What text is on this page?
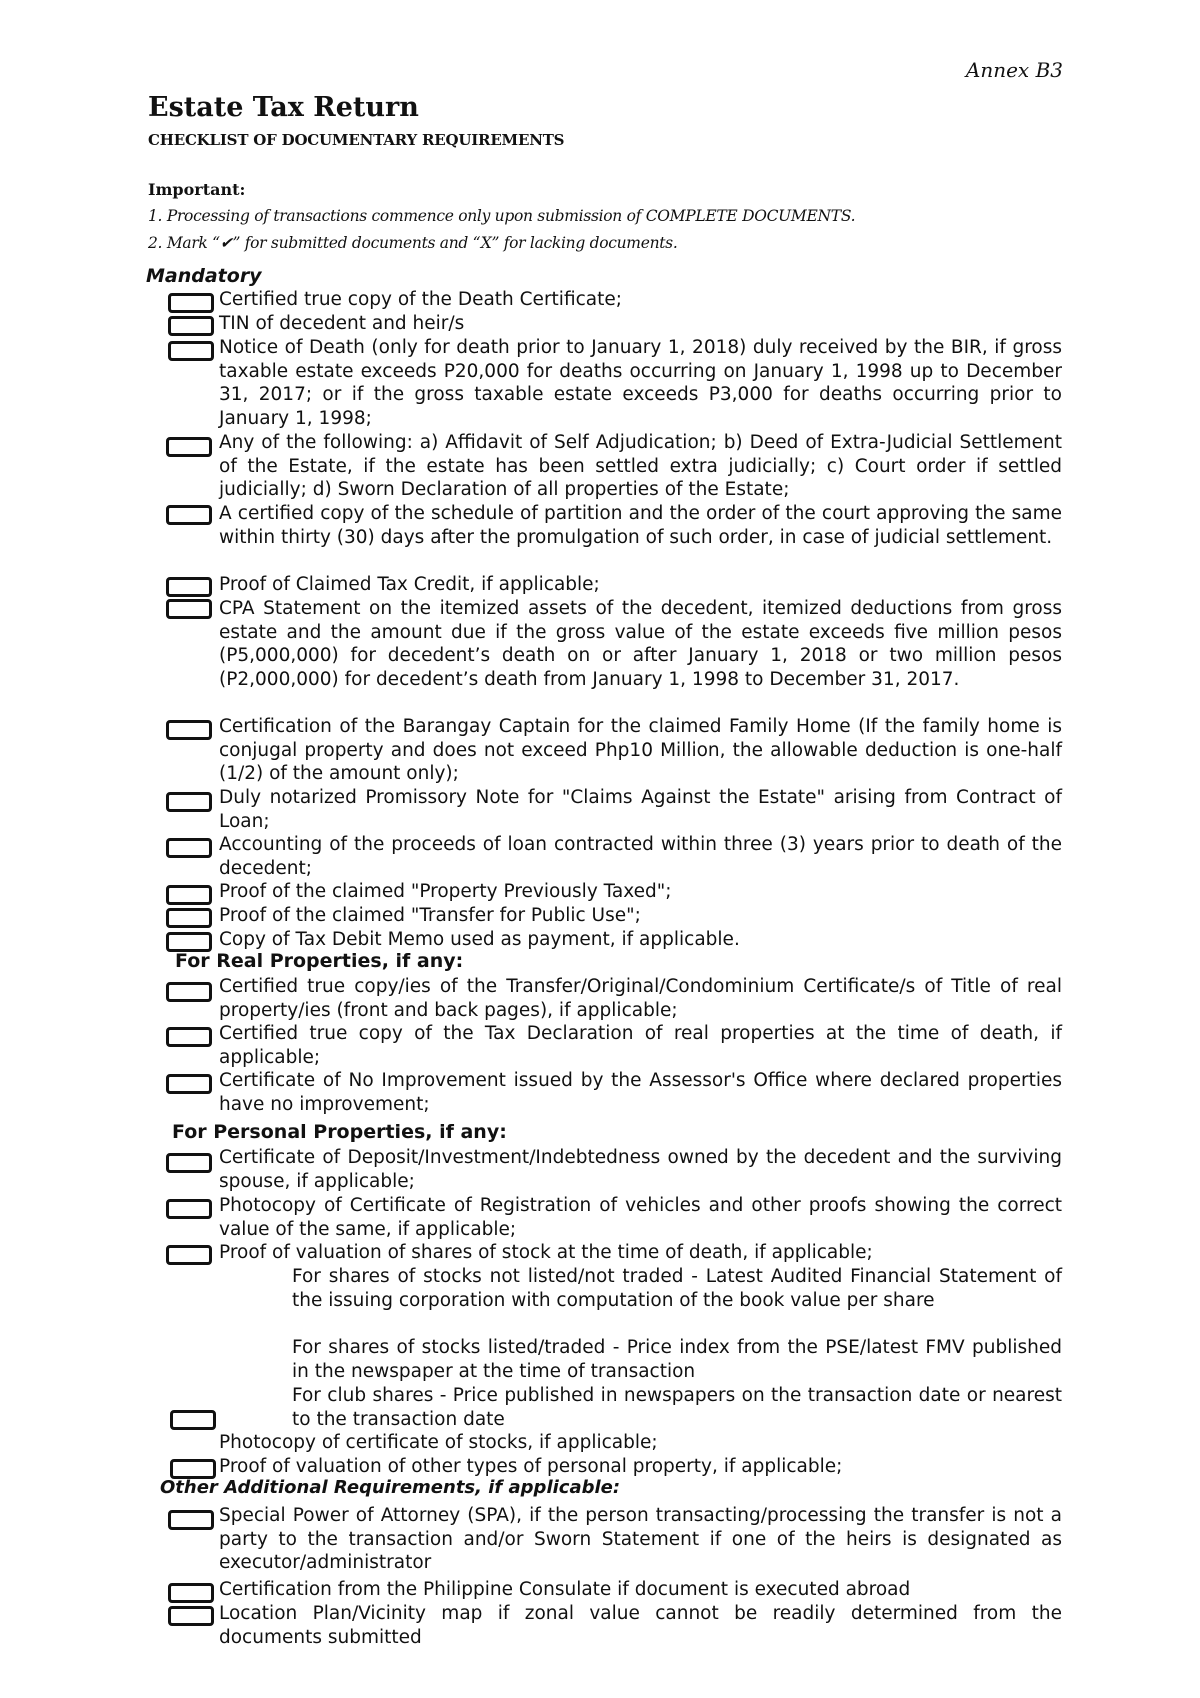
Annex B3
Estate Tax Return
CHECKLIST OF DOCUMENTARY REQUIREMENTS
Important:
1. Processing of transactions commence only upon submission of COMPLETE DOCUMENTS.
2. Mark “✔” for submitted documents and “X” for lacking documents.
Mandatory
Certified true copy of the Death Certificate;
TIN of decedent and heir/s
Notice of Death (only for death prior to January 1, 2018) duly received by the BIR, if gross taxable estate exceeds P20,000 for deaths occurring on January 1, 1998 up to December 31, 2017; or if the gross taxable estate exceeds P3,000 for deaths occurring prior to January 1, 1998;
Any of the following: a) Affidavit of Self Adjudication; b) Deed of Extra-Judicial Settlement of the Estate, if the estate has been settled extra judicially; c) Court order if settled judicially; d) Sworn Declaration of all properties of the Estate;
A certified copy of the schedule of partition and the order of the court approving the same within thirty (30) days after the promulgation of such order, in case of judicial settlement.
Proof of Claimed Tax Credit, if applicable;
CPA Statement on the itemized assets of the decedent, itemized deductions from gross estate and the amount due if the gross value of the estate exceeds five million pesos (P5,000,000) for decedent’s death on or after January 1, 2018 or two million pesos (P2,000,000) for decedent’s death from January 1, 1998 to December 31, 2017.
Certification of the Barangay Captain for the claimed Family Home (If the family home is conjugal property and does not exceed Php10 Million, the allowable deduction is one-half (1/2) of the amount only);
Duly notarized Promissory Note for "Claims Against the Estate" arising from Contract of Loan;
Accounting of the proceeds of loan contracted within three (3) years prior to death of the decedent;
Proof of the claimed "Property Previously Taxed";
Proof of the claimed "Transfer for Public Use";
Copy of Tax Debit Memo used as payment, if applicable.
For Real Properties, if any:
Certified true copy/ies of the Transfer/Original/Condominium Certificate/s of Title of real property/ies (front and back pages), if applicable;
Certified true copy of the Tax Declaration of real properties at the time of death, if applicable;
Certificate of No Improvement issued by the Assessor's Office where declared properties have no improvement;
For Personal Properties, if any:
Certificate of Deposit/Investment/Indebtedness owned by the decedent and the surviving spouse, if applicable;
Photocopy of Certificate of Registration of vehicles and other proofs showing the correct value of the same, if applicable;
Proof of valuation of shares of stock at the time of death, if applicable;
For shares of stocks not listed/not traded - Latest Audited Financial Statement of the issuing corporation with computation of the book value per share
For shares of stocks listed/traded - Price index from the PSE/latest FMV published in the newspaper at the time of transaction
For club shares - Price published in newspapers on the transaction date or nearest to the transaction date
Photocopy of certificate of stocks, if applicable;
Proof of valuation of other types of personal property, if applicable;
Other Additional Requirements, if applicable:
Special Power of Attorney (SPA), if the person transacting/processing the transfer is not a party to the transaction and/or Sworn Statement if one of the heirs is designated as executor/administrator
Certification from the Philippine Consulate if document is executed abroad
Location Plan/Vicinity map if zonal value cannot be readily determined from the documents submitted
